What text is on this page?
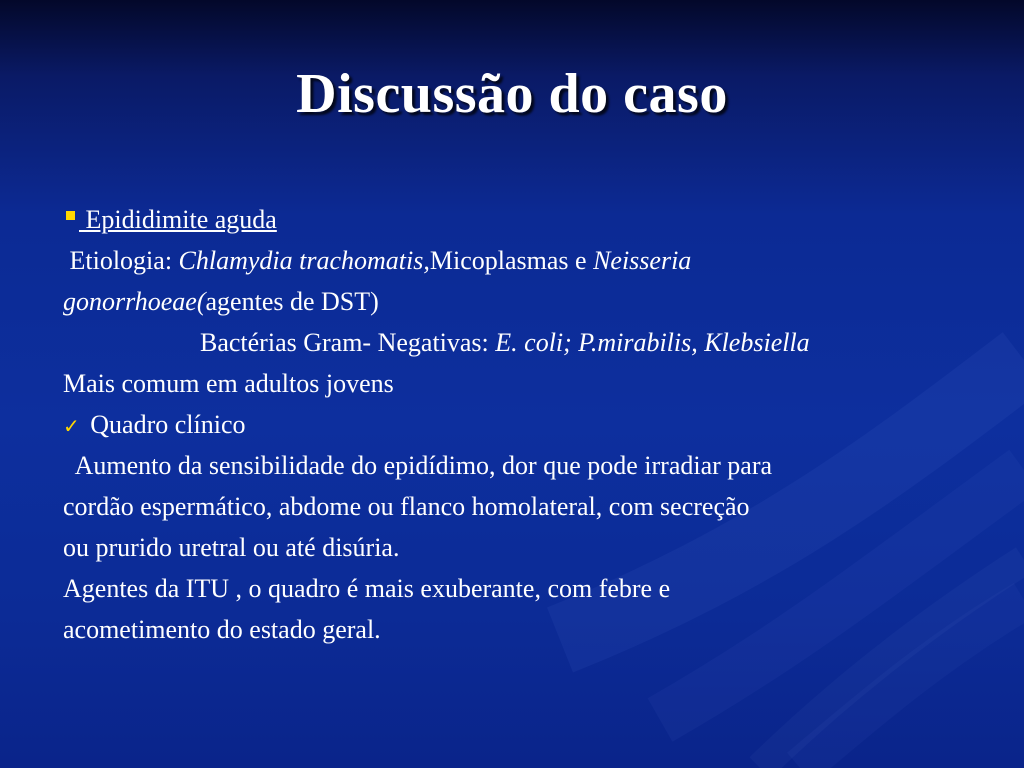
Discussão do caso
Epididimite aguda
Etiologia: Chlamydia trachomatis,Micoplasmas e Neisseria
gonorrhoeae(agentes de DST)
Bactérias Gram- Negativas: E. coli; P.mirabilis, Klebsiella
Mais comum em adultos jovens
✓ Quadro clínico
Aumento da sensibilidade do epidídimo, dor que pode irradiar para
cordão espermático, abdome ou flanco homolateral, com secreção
ou prurido uretral ou até disúria.
Agentes da ITU , o quadro é mais exuberante, com febre e
acometimento do estado geral.
